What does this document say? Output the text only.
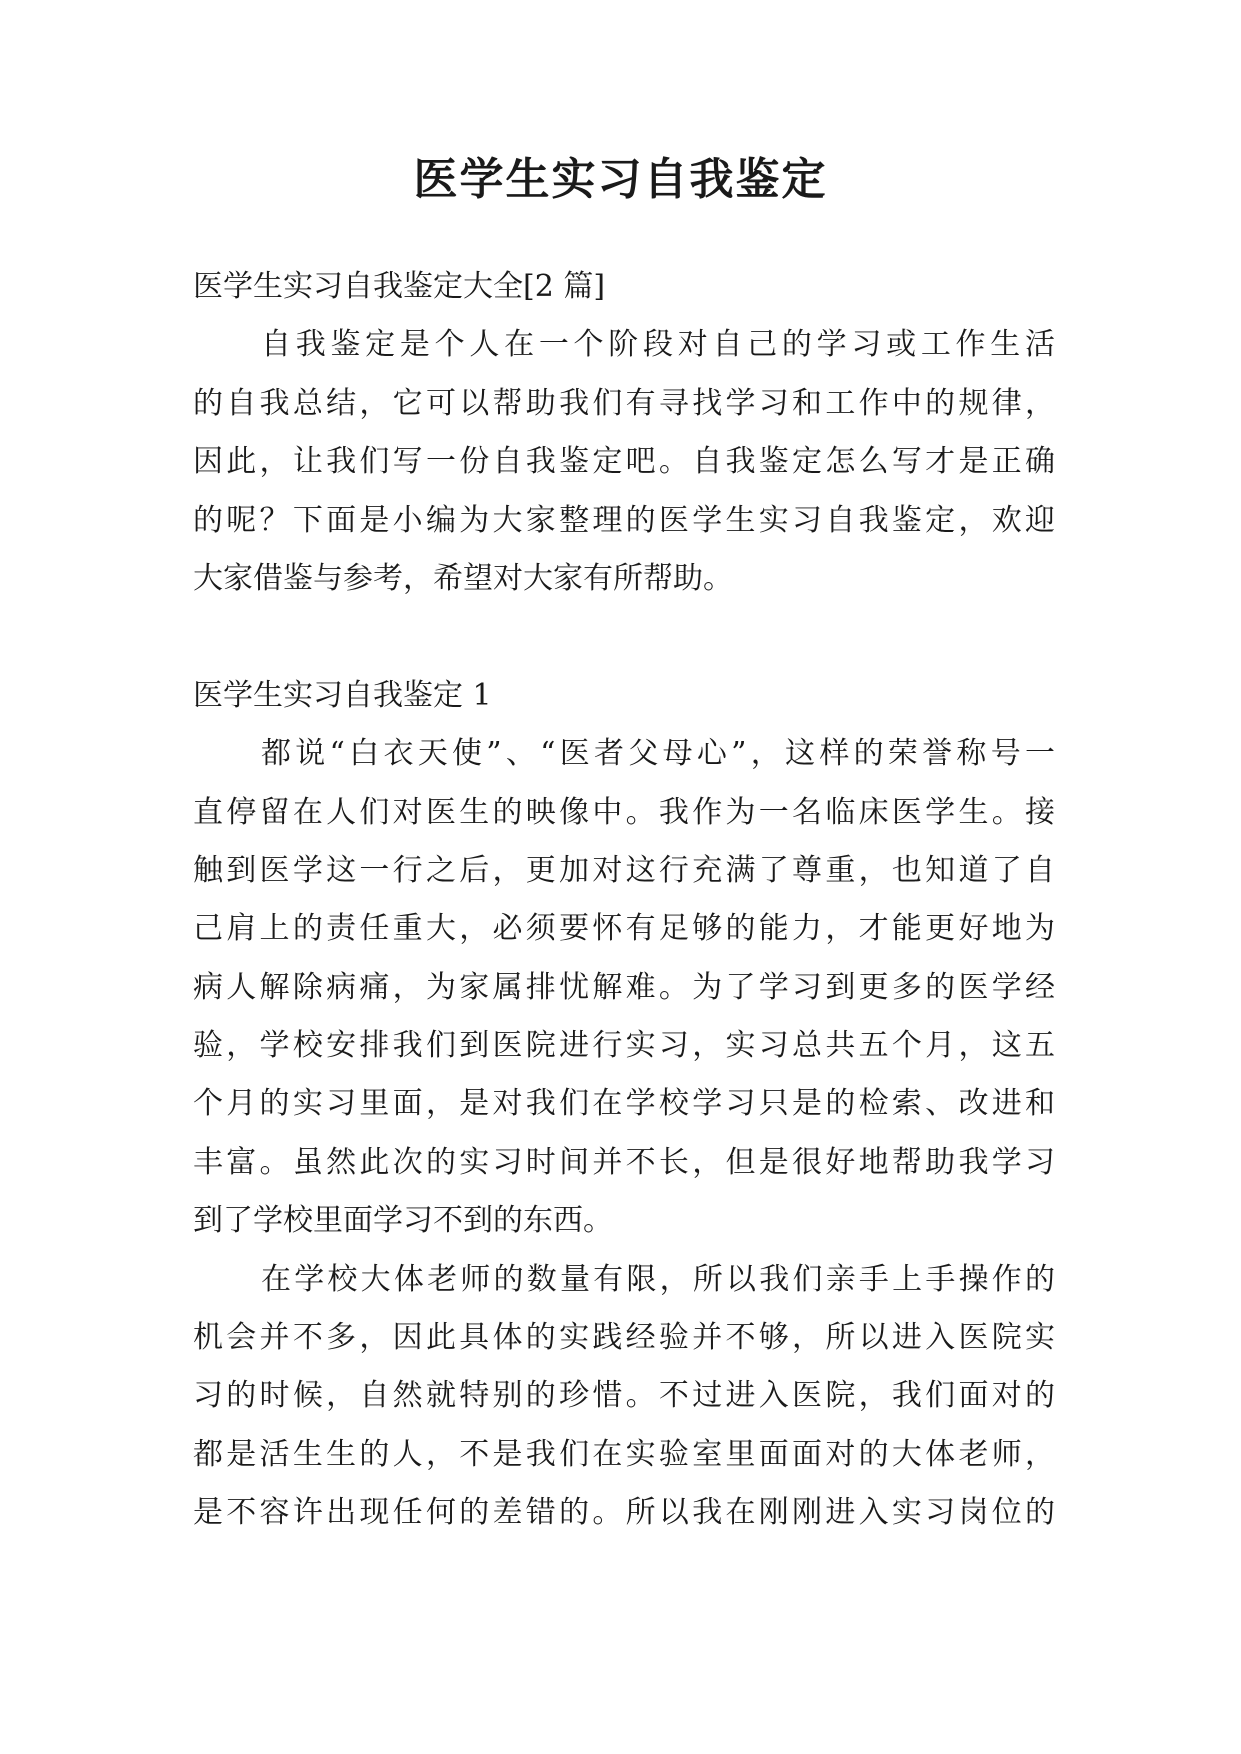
医学生实习自我鉴定
医学生实习自我鉴定大全[2 篇]
自我鉴定是个人在一个阶段对自己的学习或工作生活
的自我总结，它可以帮助我们有寻找学习和工作中的规律，
因此，让我们写一份自我鉴定吧。自我鉴定怎么写才是正确
的呢？下面是小编为大家整理的医学生实习自我鉴定，欢迎
大家借鉴与参考，希望对大家有所帮助。
医学生实习自我鉴定 1
都说“白衣天使”、“医者父母心”，这样的荣誉称号一
直停留在人们对医生的映像中。我作为一名临床医学生。接
触到医学这一行之后，更加对这行充满了尊重，也知道了自
己肩上的责任重大，必须要怀有足够的能力，才能更好地为
病人解除病痛，为家属排忧解难。为了学习到更多的医学经
验，学校安排我们到医院进行实习，实习总共五个月，这五
个月的实习里面，是对我们在学校学习只是的检索、改进和
丰富。虽然此次的实习时间并不长，但是很好地帮助我学习
到了学校里面学习不到的东西。
在学校大体老师的数量有限，所以我们亲手上手操作的
机会并不多，因此具体的实践经验并不够，所以进入医院实
习的时候，自然就特别的珍惜。不过进入医院，我们面对的
都是活生生的人，不是我们在实验室里面面对的大体老师，
是不容许出现任何的差错的。所以我在刚刚进入实习岗位的
